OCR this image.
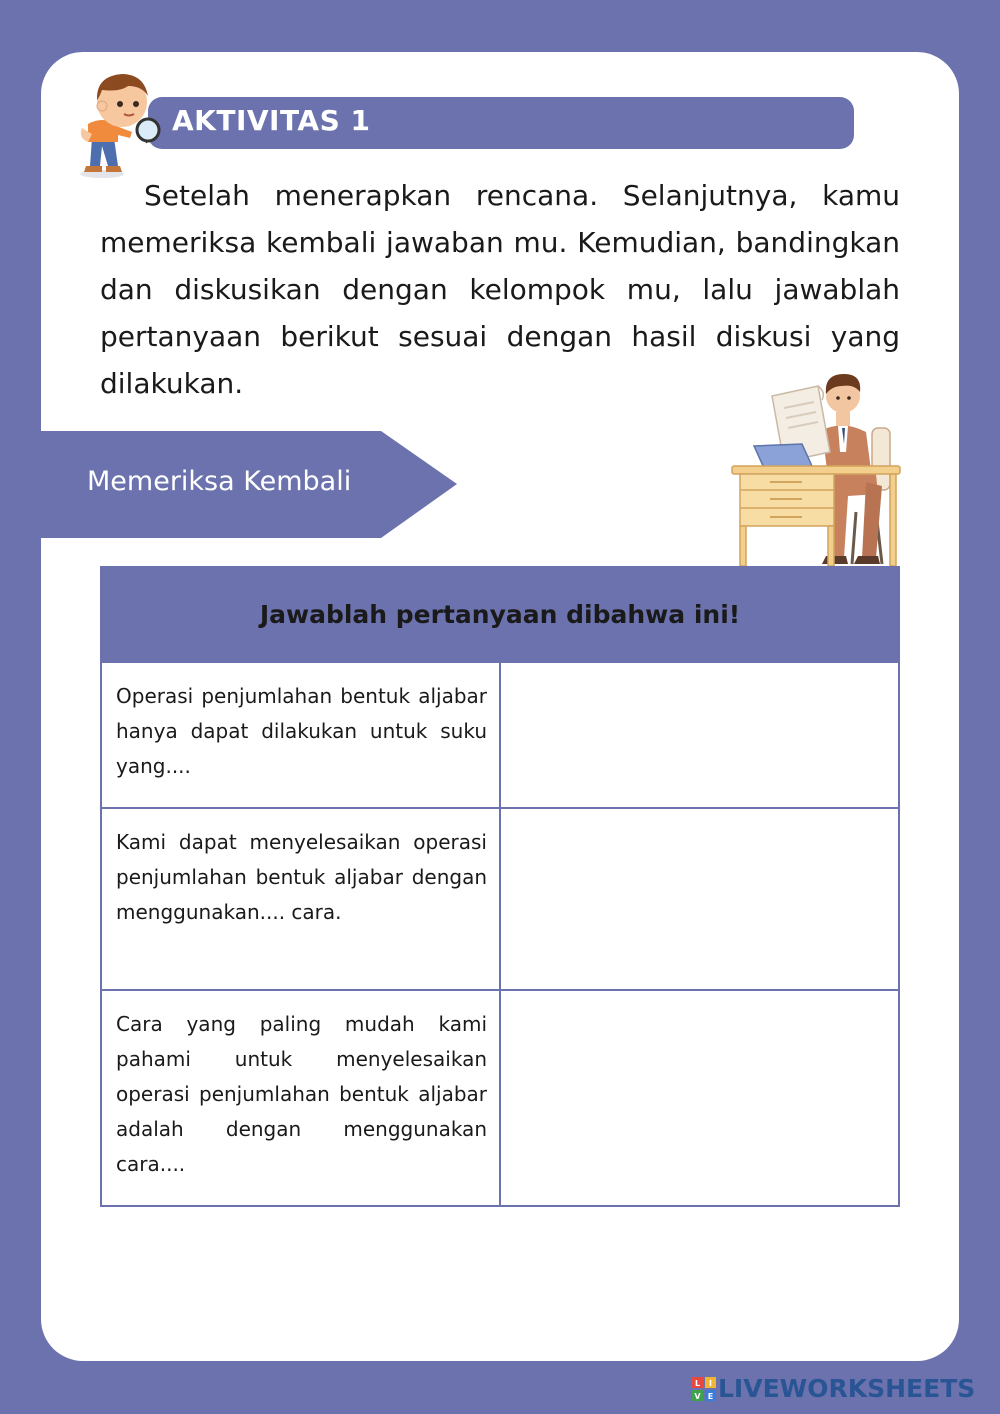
AKTIVITAS 1

Setelah menerapkan rencana. Selanjutnya, kamu memeriksa kembali jawaban mu. Kemudian, bandingkan dan diskusikan dengan kelompok mu, lalu jawablah pertanyaan berikut sesuai dengan hasil diskusi yang dilakukan.

Memeriksa Kembali
Jawablah pertanyaan dibahwa ini!	
Operasi penjumlahan bentuk aljabar hanya dapat dilakukan untuk suku yang....	

Kami dapat menyelesaikan operasi penjumlahan bentuk aljabar dengan menggunakan.... cara.	

Cara yang paling mudah kami pahami untuk menyelesaikan operasi penjumlahan bentuk aljabar adalah dengan menggunakan cara....	
L I
V E LIVEWORKSHEETS
